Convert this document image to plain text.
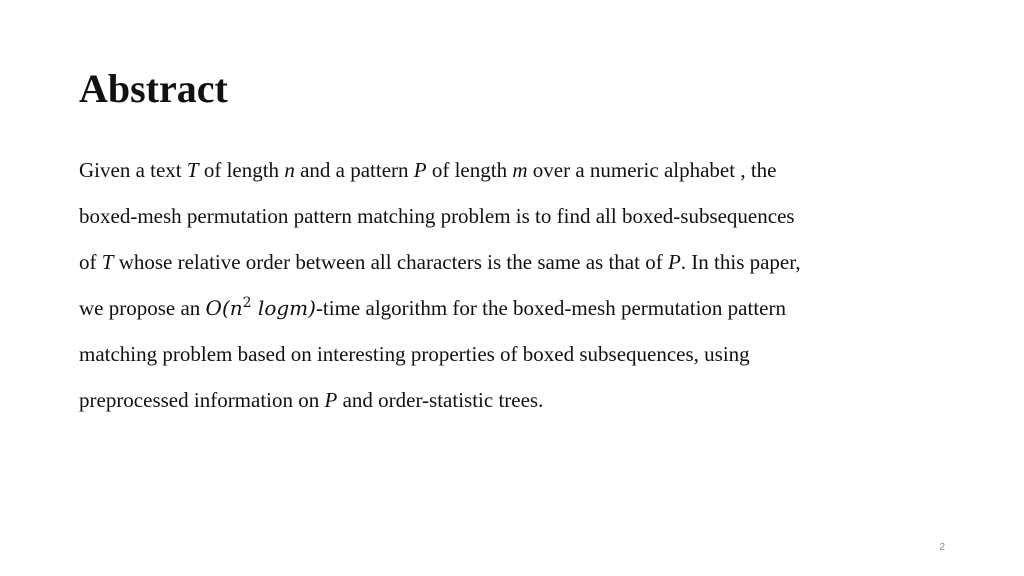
Abstract
Given a text T of length n and a pattern P of length m over a numeric alphabet , the
boxed-mesh permutation pattern matching problem is to find all boxed-subsequences
of T whose relative order between all characters is the same as that of P. In this paper,
we propose an $O(n^2$ logm)-time algorithm for the boxed-mesh permutation pattern
matching problem based on interesting properties of boxed subsequences, using
preprocessed information on P and order-statistic trees.
2
